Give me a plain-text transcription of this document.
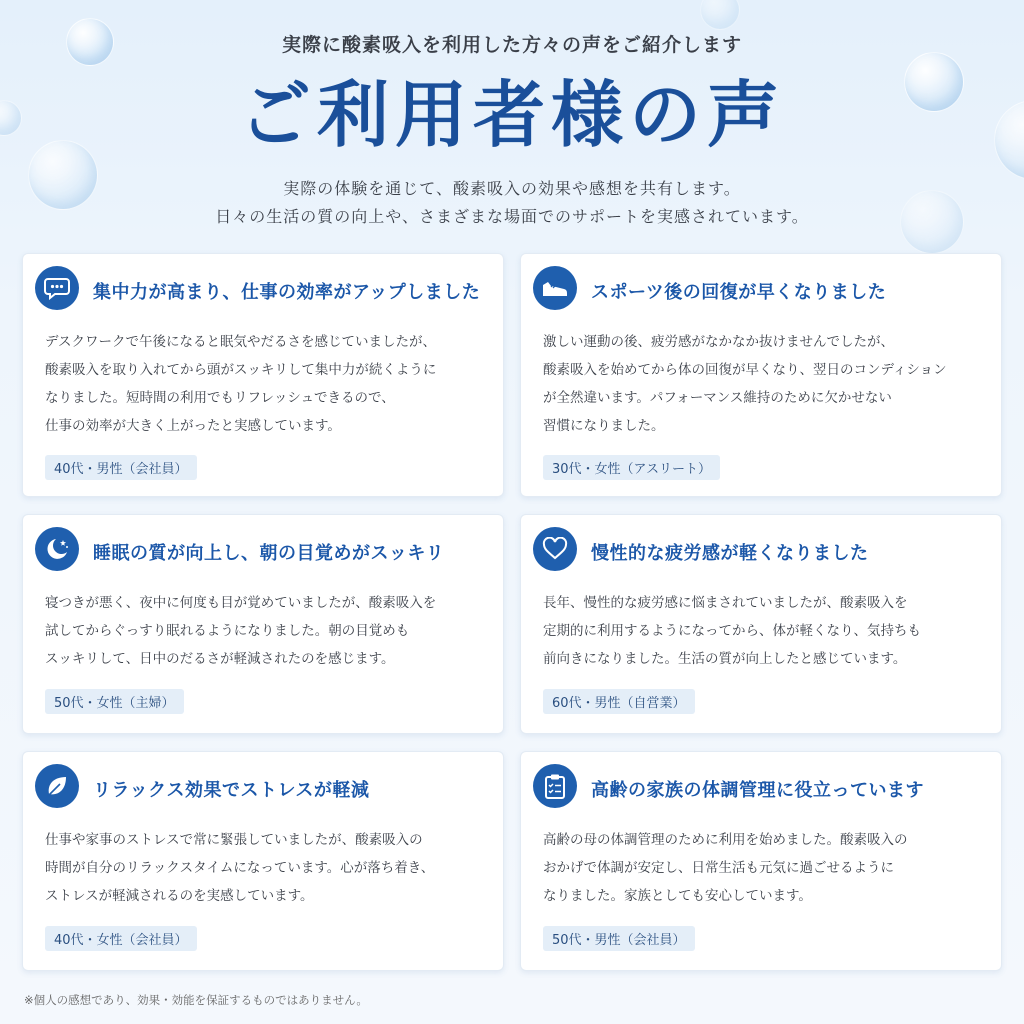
実際に酸素吸入を利用した方々の声をご紹介します
ご利用者様の声
実際の体験を通じて、酸素吸入の効果や感想を共有します。
日々の生活の質の向上や、さまざまな場面でのサポートを実感されています。
集中力が高まり、仕事の効率がアップしました

デスクワークで午後になると眠気やだるさを感じていましたが、

酸素吸入を取り入れてから頭がスッキリして集中力が続くように

なりました。短時間の利用でもリフレッシュできるので、

仕事の効率が大きく上がったと実感しています。

40代・男性（会社員）
スポーツ後の回復が早くなりました

激しい運動の後、疲労感がなかなか抜けませんでしたが、

酸素吸入を始めてから体の回復が早くなり、翌日のコンディション

が全然違います。パフォーマンス維持のために欠かせない

習慣になりました。

30代・女性（アスリート）
睡眠の質が向上し、朝の目覚めがスッキリ

寝つきが悪く、夜中に何度も目が覚めていましたが、酸素吸入を

試してからぐっすり眠れるようになりました。朝の目覚めも

スッキリして、日中のだるさが軽減されたのを感じます。

50代・女性（主婦）
慢性的な疲労感が軽くなりました

長年、慢性的な疲労感に悩まされていましたが、酸素吸入を

定期的に利用するようになってから、体が軽くなり、気持ちも

前向きになりました。生活の質が向上したと感じています。

60代・男性（自営業）
リラックス効果でストレスが軽減

仕事や家事のストレスで常に緊張していましたが、酸素吸入の

時間が自分のリラックスタイムになっています。心が落ち着き、

ストレスが軽減されるのを実感しています。

40代・女性（会社員）
高齢の家族の体調管理に役立っています

高齢の母の体調管理のために利用を始めました。酸素吸入の

おかげで体調が安定し、日常生活も元気に過ごせるように

なりました。家族としても安心しています。

50代・男性（会社員）
※個人の感想であり、効果・効能を保証するものではありません。
